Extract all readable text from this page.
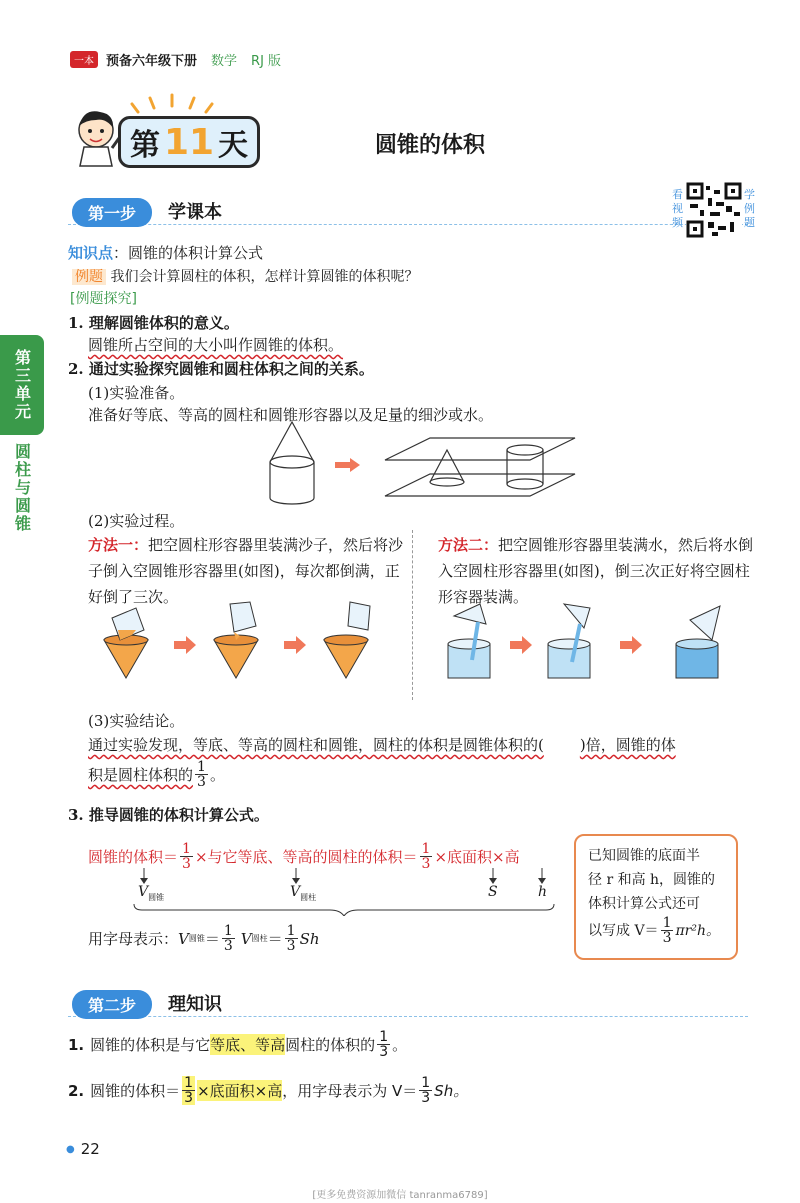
一本 预备六年级下册 数学 RJ 版
第 11 天	圆锥的体积
第一步	学课本
看视频
学例题
第三单元
圆柱与圆锥
知识点：圆锥的体积计算公式
例题 我们会计算圆柱的体积，怎样计算圆锥的体积呢？
[例题探究]
1. 理解圆锥体积的意义。
圆锥所占空间的大小叫作圆锥的体积。
2. 通过实验探究圆锥和圆柱体积之间的关系。
(1)实验准备。
准备好等底、等高的圆柱和圆锥形容器以及足量的细沙或水。
(2)实验过程。
方法一：把空圆柱形容器里装满沙子，然后将沙子倒入空圆锥形容器里(如图)，每次都倒满，正好倒了三次。
方法二：把空圆锥形容器里装满水，然后将水倒入空圆柱形容器里(如图)，倒三次正好将空圆柱形容器装满。
(3)实验结论。
通过实验发现，等底、等高的圆柱和圆锥，圆柱的体积是圆锥体积的( )倍，圆锥的体
积是圆柱体积的 $\frac{1}{3}$ 。
3. 推导圆锥的体积计算公式。
圆锥的体积＝ $\frac{1}{3}$ ×与它等底、等高的圆柱的体积＝ $\frac{1}{3}$ ×底面积×高
$V_{圆锥}$	$V_{圆柱}$	S	h
用字母表示： V 圆锥 ＝ $\frac{1}{3}$ V 圆柱 ＝ $\frac{1}{3}$ Sh
已知圆锥的底面半
径 r 和高 h，圆锥的
体积计算公式还可
以写成 $V= \frac{1}{3} \pi r^2h$。
第二步	理知识
1. 圆锥的体积是与它 等底、等高 圆柱的体积的 $\frac{1}{3}$ 。
2. 圆锥的体积＝ $\frac{1}{3}$ ×底面积×高 ，用字母表示为 $V= \frac{1}{3}$ Sh。
● 22
[更多免费资源加微信 tanranma6789]
